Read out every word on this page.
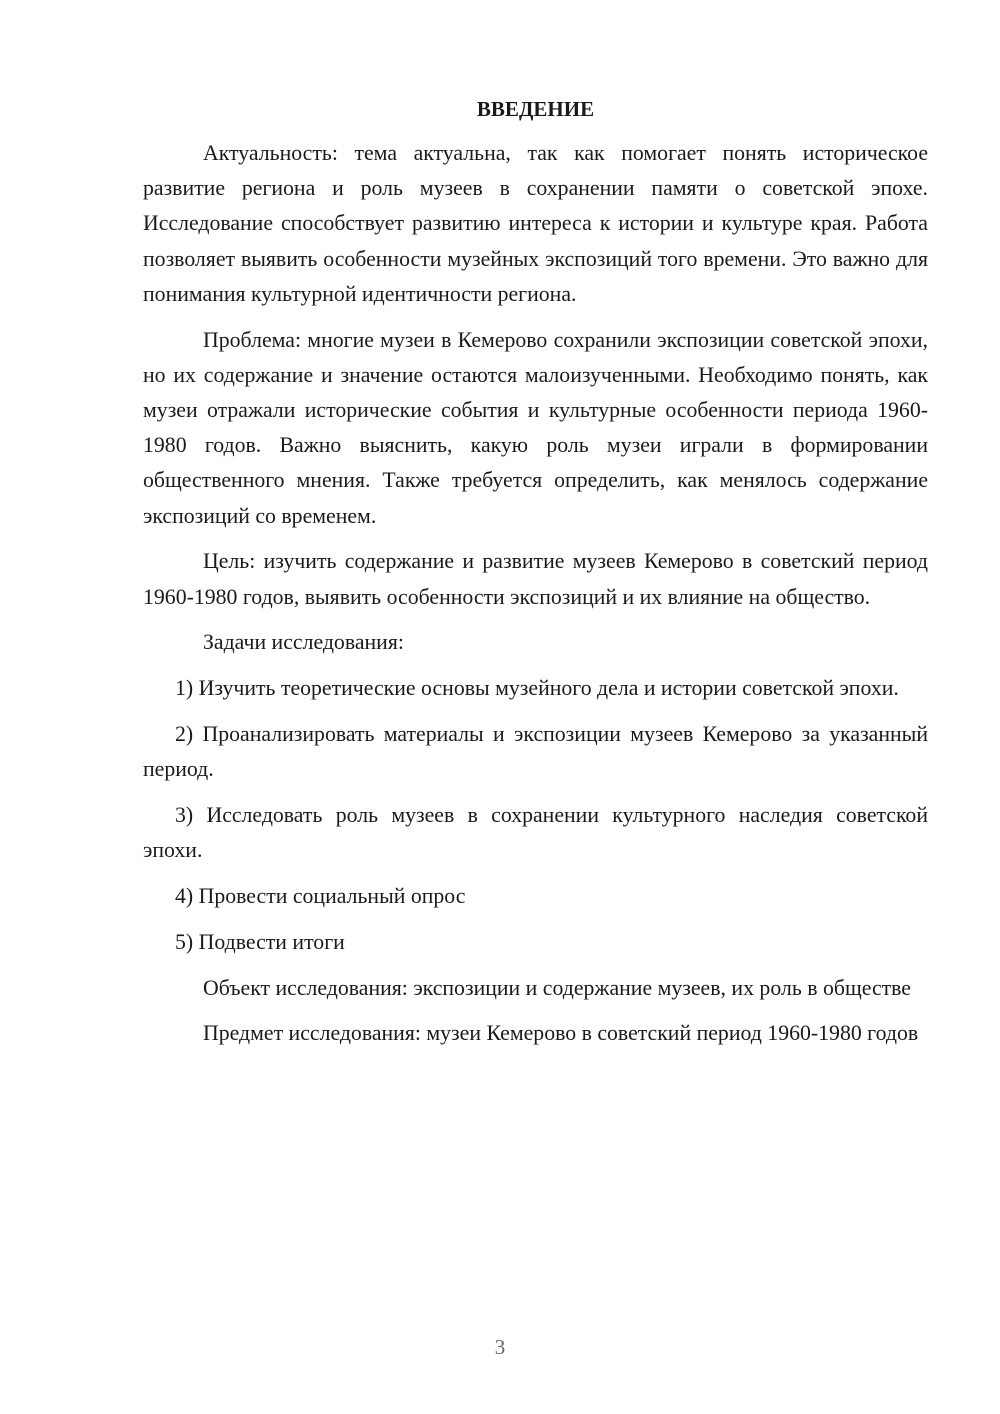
ВВЕДЕНИЕ

Актуальность: тема актуальна, так как помогает понять историческое развитие региона и роль музеев в сохранении памяти о советской эпохе. Исследование способствует развитию интереса к истории и культуре края. Работа позволяет выявить особенности музейных экспозиций того времени. Это важно для понимания культурной идентичности региона.

Проблема: многие музеи в Кемерово сохранили экспозиции советской эпохи, но их содержание и значение остаются малоизученными. Необходимо понять, как музеи отражали исторические события и культурные особенности периода 1960-1980 годов. Важно выяснить, какую роль музеи играли в формировании общественного мнения. Также требуется определить, как менялось содержание экспозиций со временем.

Цель: изучить содержание и развитие музеев Кемерово в советский период 1960-1980 годов, выявить особенности экспозиций и их влияние на общество.

Задачи исследования:

1) Изучить теоретические основы музейного дела и истории советской эпохи.

2) Проанализировать материалы и экспозиции музеев Кемерово за указанный период.

3) Исследовать роль музеев в сохранении культурного наследия советской эпохи.

4) Провести социальный опрос

5) Подвести итоги

Объект исследования: экспозиции и содержание музеев, их роль в обществе

Предмет исследования: музеи Кемерово в советский период 1960-1980 годов

3
